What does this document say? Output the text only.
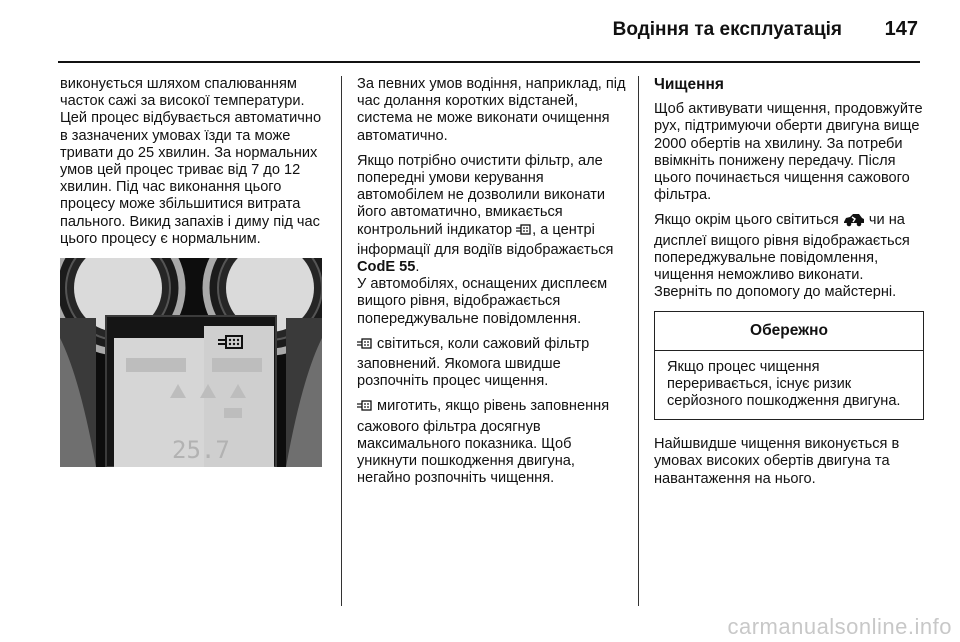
Водіння та експлуатація 147

виконується шляхом спалюванням часток сажі за високої температури. Цей процес відбувається автоматично в зазначених умовах їзди та може тривати до 25 хвилин. За нормальних умов цей процес триває від 7 до 12 хвилин. Під час виконання цього процесу може збільшитися витрата пального. Викид запахів і диму під час цього процесу є нормальним.

25.7

За певних умов водіння, наприклад, під час долання коротких відстаней, система не може виконати очищення автоматично.

Якщо потрібно очистити фільтр, але попередні умови керування автомобілем не дозволили виконати його автоматично, вмикається контрольний індикатор , а центрі інформації для водіїв відображається CodE 55.
У автомобілях, оснащених дисплеєм вищого рівня, відображається попереджувальне повідомлення.

світиться, коли сажовий фільтр заповнений. Якомога швидше розпочніть процес чищення.

миготить, якщо рівень заповнення сажового фільтра досягнув максимального показника. Щоб уникнути пошкодження двигуна, негайно розпочніть чищення.

Чищення

Щоб активувати чищення, продовжуйте рух, підтримуючи оберти двигуна вище 2000 обертів на хвилину. За потреби ввімкніть понижену передачу. Після цього починається чищення сажового фільтра.

Якщо окрім цього світиться чи на дисплеї вищого рівня відображається попереджувальне повідомлення, чищення неможливо виконати. Зверніть по допомогу до майстерні.

Обережно
Якщо процес чищення переривається, існує ризик серйозного пошкодження двигуна.

Найшвидше чищення виконується в умовах високих обертів двигуна та навантаження на нього.

carmanualsonline.info
